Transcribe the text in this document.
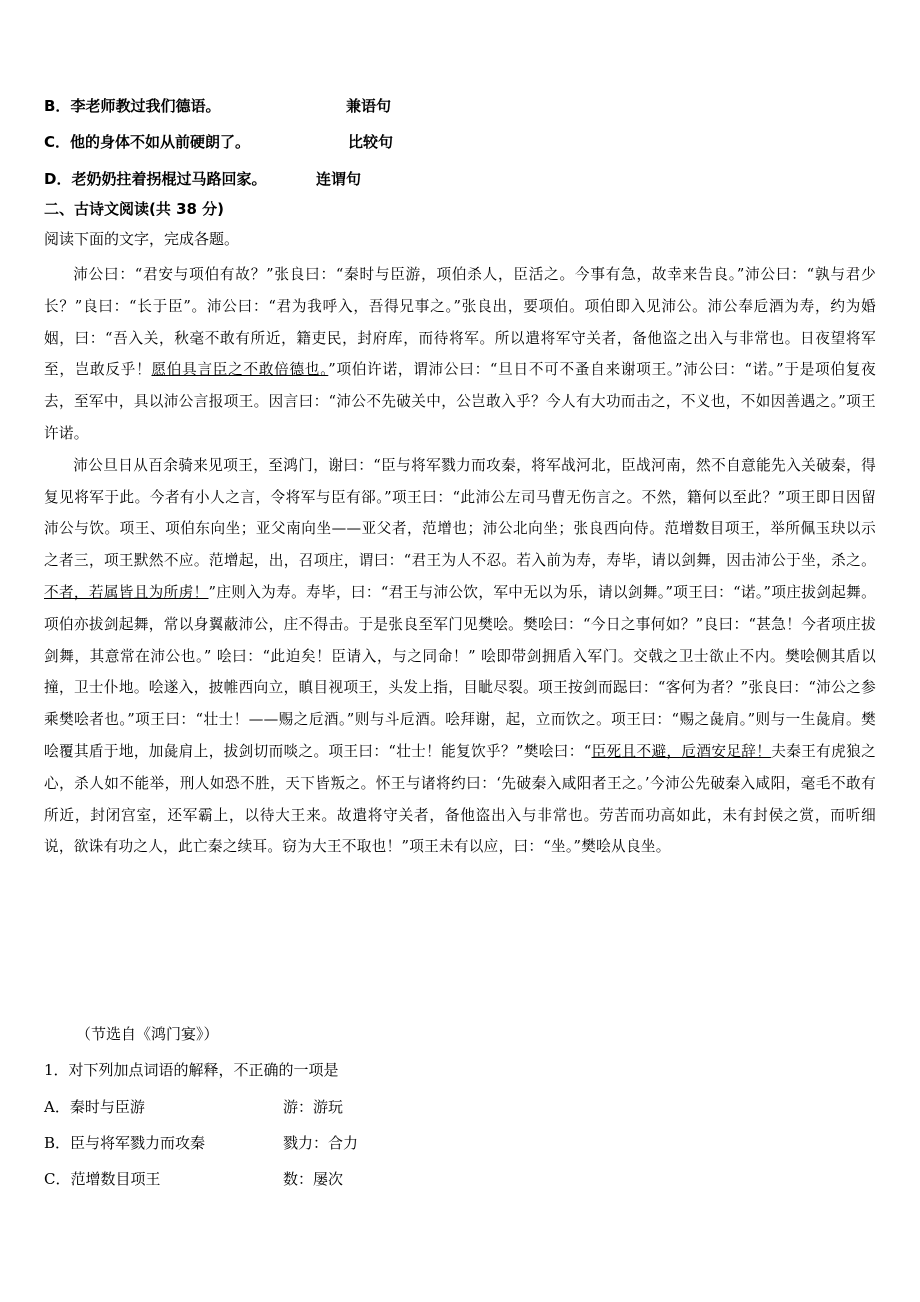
B．李老师教过我们德语。	兼语句
C．他的身体不如从前硬朗了。	比较句
D．老奶奶拄着拐棍过马路回家。	连谓句
二、古诗文阅读(共 38 分)
阅读下面的文字，完成各题。

沛公曰：“君安与项伯有故？”张良曰：“秦时与臣游，项伯杀人，臣活之。今事有急，故幸来告良。”沛公曰：“孰与君少长？”良曰：“长于臣”。沛公曰：“君为我呼入，吾得兄事之。”张良出，要项伯。项伯即入见沛公。沛公奉卮酒为寿，约为婚姻，曰：“吾入关，秋毫不敢有所近，籍吏民，封府库，而待将军。所以遣将军守关者，备他盗之出入与非常也。日夜望将军至，岂敢反乎！愿伯具言臣之不敢倍德也。”项伯许诺，谓沛公曰：“旦日不可不蚤自来谢项王。”沛公曰：“诺。”于是项伯复夜去，至军中，具以沛公言报项王。因言曰：“沛公不先破关中，公岂敢入乎？今人有大功而击之，不义也，不如因善遇之。”项王许诺。

沛公旦日从百余骑来见项王，至鸿门，谢曰：“臣与将军戮力而攻秦，将军战河北，臣战河南，然不自意能先入关破秦，得复见将军于此。今者有小人之言，令将军与臣有郤。”项王曰：“此沛公左司马曹无伤言之。不然，籍何以至此？”项王即日因留沛公与饮。项王、项伯东向坐；亚父南向坐——亚父者，范增也；沛公北向坐；张良西向侍。范增数目项王，举所佩玉玦以示之者三，项王默然不应。范增起，出，召项庄，谓曰：“君王为人不忍。若入前为寿，寿毕，请以剑舞，因击沛公于坐，杀之。不者，若属皆且为所虏！”庄则入为寿。寿毕，曰：“君王与沛公饮，军中无以为乐，请以剑舞。”项王曰：“诺。”项庄拔剑起舞。项伯亦拔剑起舞，常以身翼蔽沛公，庄不得击。于是张良至军门见樊哙。樊哙曰：“今日之事何如？”良曰：“甚急！今者项庄拔剑舞，其意常在沛公也。” 哙曰：“此迫矣！臣请入，与之同命！” 哙即带剑拥盾入军门。交戟之卫士欲止不内。樊哙侧其盾以撞，卫士仆地。哙遂入，披帷西向立，瞋目视项王，头发上指，目眦尽裂。项王按剑而跽曰：“客何为者？”张良曰：“沛公之参乘樊哙者也。”项王曰：“壮士！——赐之卮酒。”则与斗卮酒。哙拜谢，起，立而饮之。项王曰：“赐之彘肩。”则与一生彘肩。樊哙覆其盾于地，加彘肩上，拔剑切而啖之。项王曰：“壮士！能复饮乎？”樊哙曰：“臣死且不避，卮酒安足辞！夫秦王有虎狼之心，杀人如不能举，刑人如恐不胜，天下皆叛之。怀王与诸将约曰：‘先破秦入咸阳者王之。’今沛公先破秦入咸阳，毫毛不敢有所近，封闭宫室，还军霸上，以待大王来。故遣将守关者，备他盗出入与非常也。劳苦而功高如此，未有封侯之赏，而听细说，欲诛有功之人，此亡秦之续耳。窃为大王不取也！”项王未有以应，曰：“坐。”樊哙从良坐。

（节选自《鸿门宴》）
1．对下列加点词语的解释，不正确的一项是
A．秦时与臣游	游：游玩
B．臣与将军戮力而攻秦	戮力：合力
C．范增数目项王	数：屡次
